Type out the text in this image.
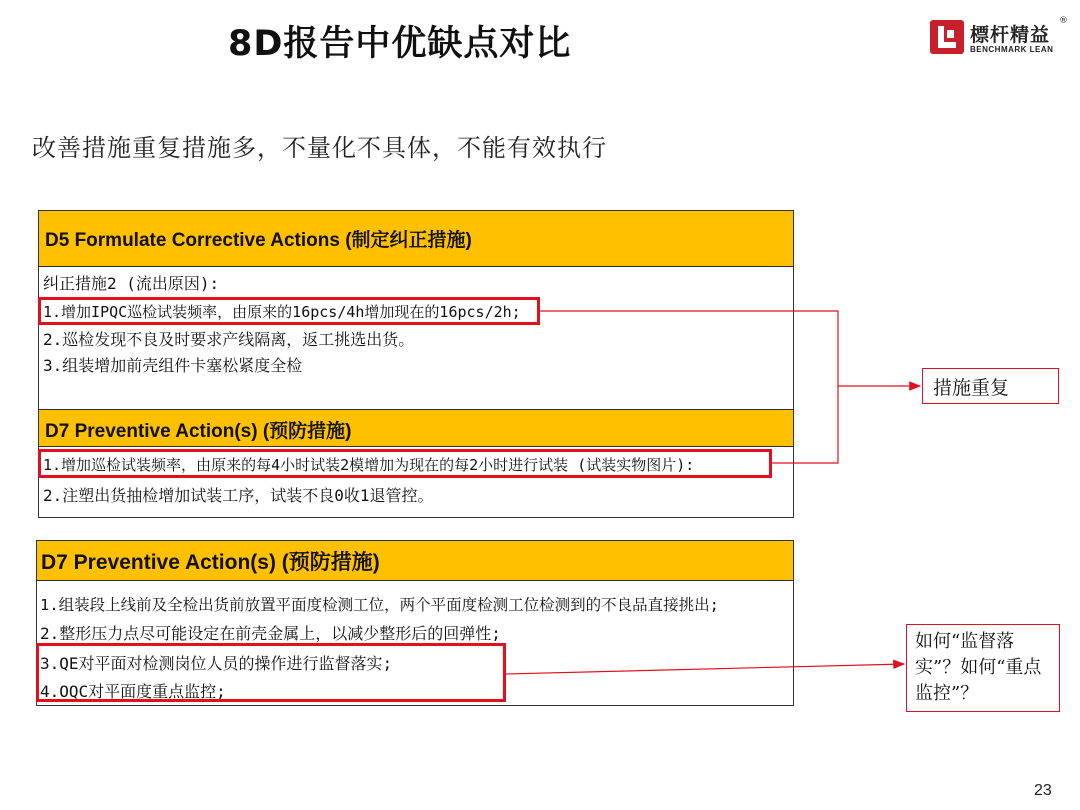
8D报告中优缺点对比	標杆精益
BENCHMARK LEAN
®
改善措施重复措施多，不量化不具体，不能有效执行
D5 Formulate Corrective Actions (制定纠正措施)
纠正措施2 (流出原因):
1.增加IPQC巡检试装频率，由原来的16pcs/4h增加现在的16pcs/2h;
2.巡检发现不良及时要求产线隔离，返工挑选出货。
3.组装增加前壳组件卡塞松紧度全检
D7 Preventive Action(s) (预防措施)
1.增加巡检试装频率，由原来的每4小时试装2模增加为现在的每2小时进行试装 (试装实物图片):
2.注塑出货抽检增加试装工序，试装不良0收1退管控。
D7 Preventive Action(s) (预防措施)
1.组装段上线前及全检出货前放置平面度检测工位，两个平面度检测工位检测到的不良品直接挑出;
2.整形压力点尽可能设定在前壳金属上，以减少整形后的回弹性;
3.QE对平面对检测岗位人员的操作进行监督落实;
4.OQC对平面度重点监控;
措施重复
如何“监督落实”？如何“重点监控”？
23
